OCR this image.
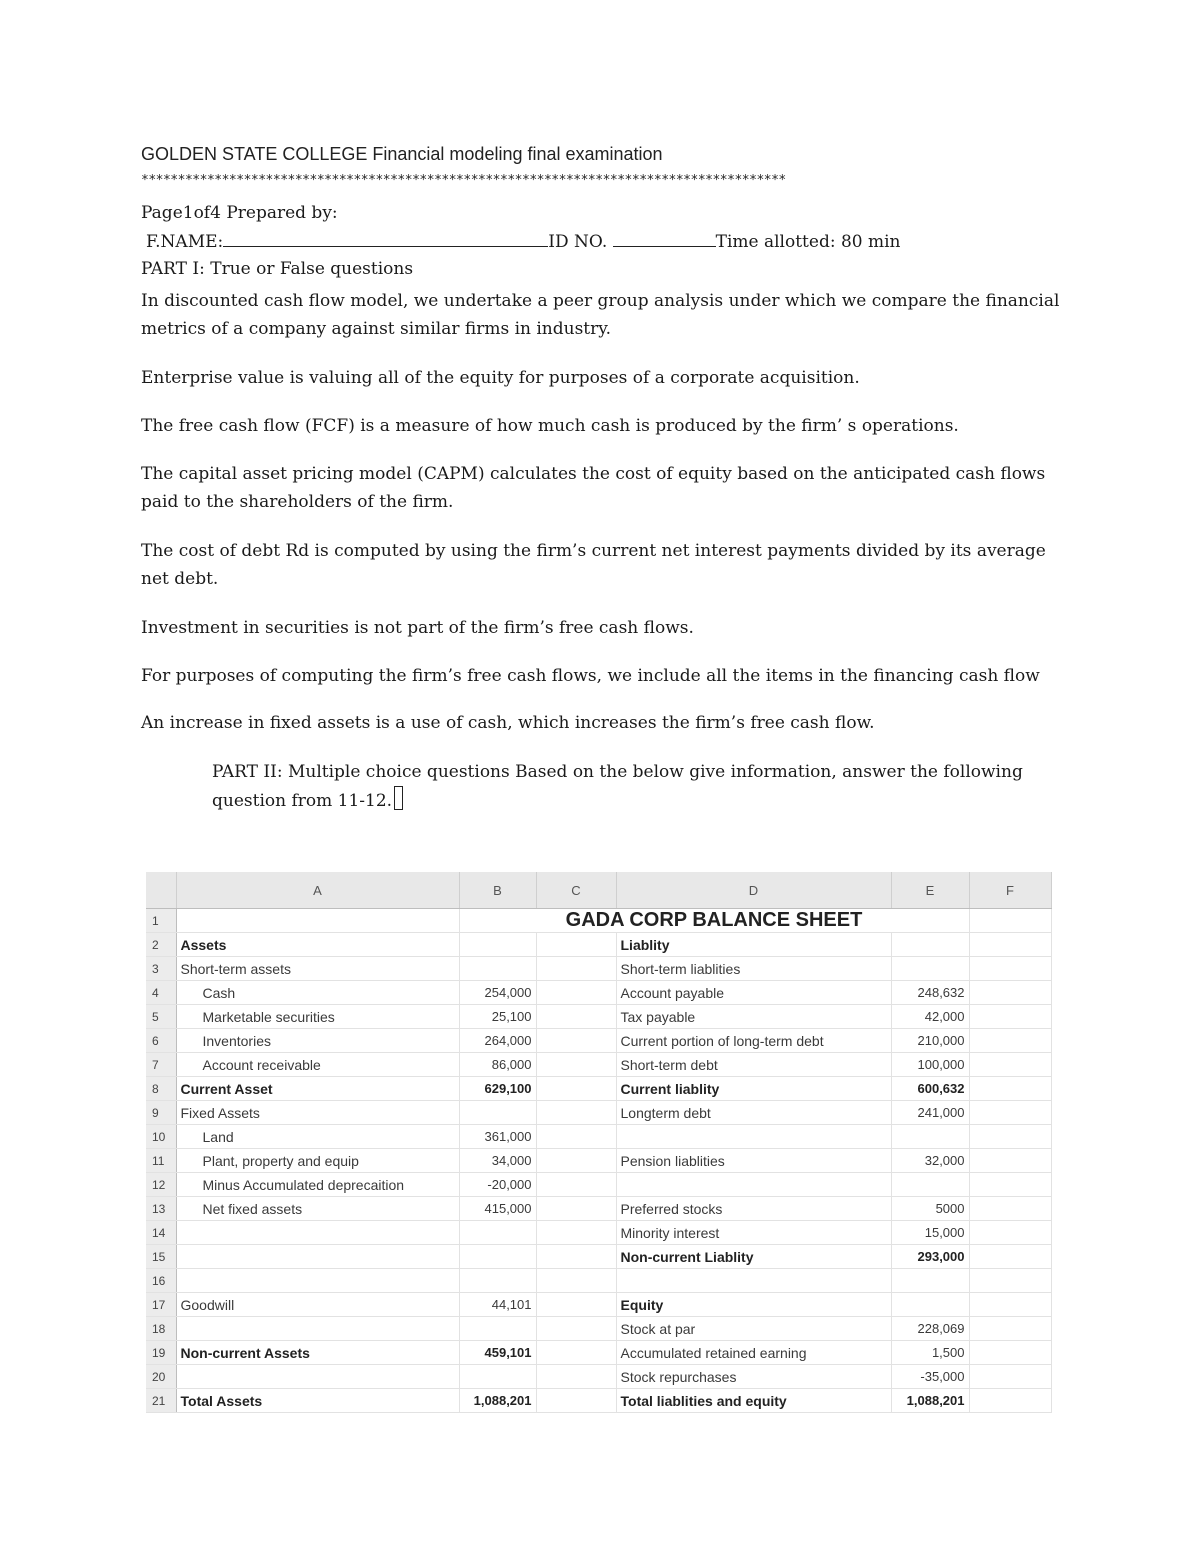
GOLDEN STATE COLLEGE Financial modeling final examination
****************************************************************************************
Page1of4 Prepared by:
F.NAME:	ID NO.	Time allotted: 80 min
PART I: True or False questions
In discounted cash flow model, we undertake a peer group analysis under which we compare the financial metrics of a company against similar firms in industry.
Enterprise value is valuing all of the equity for purposes of a corporate acquisition.
The free cash flow (FCF) is a measure of how much cash is produced by the firm’ s operations.
The capital asset pricing model (CAPM) calculates the cost of equity based on the anticipated cash flows paid to the shareholders of the firm.
The cost of debt Rd is computed by using the firm’s current net interest payments divided by its average net debt.
Investment in securities is not part of the firm’s free cash flows.
For purposes of computing the firm’s free cash flows, we include all the items in the financing cash flow
An increase in fixed assets is a use of cash, which increases the firm’s free cash flow.
PART II: Multiple choice questions Based on the below give information, answer the following question from 11-12.
	A	B	C	D	E	F
1		GADA CORP BALANCE SHEET				
2	Assets			Liablity		
3	Short-term assets			Short-term liablities		
4	Cash	254,000		Account payable	248,632	
5	Marketable securities	25,100		Tax payable	42,000	
6	Inventories	264,000		Current portion of long-term debt	210,000	
7	Account receivable	86,000		Short-term debt	100,000	
8	Current Asset	629,100		Current liablity	600,632	
9	Fixed Assets			Longterm debt	241,000	
10	Land	361,000				
11	Plant, property and equip	34,000		Pension liablities	32,000	
12	Minus Accumulated deprecaition	-20,000				
13	Net fixed assets	415,000		Preferred stocks	5000	
14				Minority interest	15,000	
15				Non-current Liablity	293,000	
16						
17	Goodwill	44,101		Equity		
18				Stock at par	228,069	
19	Non-current Assets	459,101		Accumulated retained earning	1,500	
20				Stock repurchases	-35,000	
21	Total Assets	1,088,201		Total liablities and equity	1,088,201	
